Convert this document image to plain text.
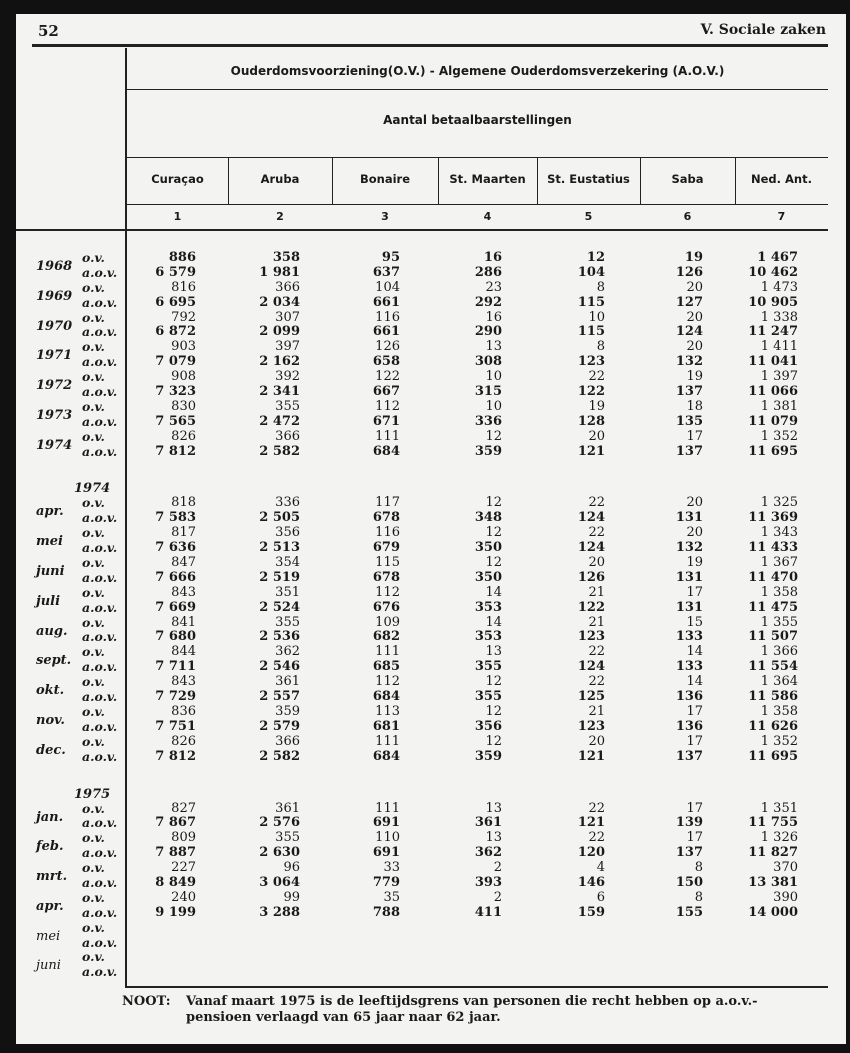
52	V. Sociale zaken
Ouderdomsvoorziening(O.V.) - Algemene Ouderdomsverzekering (A.O.V.)
Aantal betaalbaarstellingen
Curaçao
1
Aruba
2
Bonaire
3
St. Maarten
4
St. Eustatius
5
Saba
6
Ned. Ant.
7
1968
o.v.	886	358	95	16	12	19	1 467
a.o.v.	6 579	1 981	637	286	104	126	10 462
1969
o.v.	816	366	104	23	8	20	1 473
a.o.v.	6 695	2 034	661	292	115	127	10 905
1970
o.v.	792	307	116	16	10	20	1 338
a.o.v.	6 872	2 099	661	290	115	124	11 247
1971
o.v.	903	397	126	13	8	20	1 411
a.o.v.	7 079	2 162	658	308	123	132	11 041
1972
o.v.	908	392	122	10	22	19	1 397
a.o.v.	7 323	2 341	667	315	122	137	11 066
1973
o.v.	830	355	112	10	19	18	1 381
a.o.v.	7 565	2 472	671	336	128	135	11 079
1974
o.v.	826	366	111	12	20	17	1 352
a.o.v.	7 812	2 582	684	359	121	137	11 695
1974
apr.
o.v.	818	336	117	12	22	20	1 325
a.o.v.	7 583	2 505	678	348	124	131	11 369
mei
o.v.	817	356	116	12	22	20	1 343
a.o.v.	7 636	2 513	679	350	124	132	11 433
juni
o.v.	847	354	115	12	20	19	1 367
a.o.v.	7 666	2 519	678	350	126	131	11 470
juli
o.v.	843	351	112	14	21	17	1 358
a.o.v.	7 669	2 524	676	353	122	131	11 475
aug.
o.v.	841	355	109	14	21	15	1 355
a.o.v.	7 680	2 536	682	353	123	133	11 507
sept.
o.v.	844	362	111	13	22	14	1 366
a.o.v.	7 711	2 546	685	355	124	133	11 554
okt.
o.v.	843	361	112	12	22	14	1 364
a.o.v.	7 729	2 557	684	355	125	136	11 586
nov.
o.v.	836	359	113	12	21	17	1 358
a.o.v.	7 751	2 579	681	356	123	136	11 626
dec.
o.v.	826	366	111	12	20	17	1 352
a.o.v.	7 812	2 582	684	359	121	137	11 695
1975
jan.
o.v.	827	361	111	13	22	17	1 351
a.o.v.	7 867	2 576	691	361	121	139	11 755
feb.
o.v.	809	355	110	13	22	17	1 326
a.o.v.	7 887	2 630	691	362	120	137	11 827
mrt.
o.v.	227	96	33	2	4	8	370
a.o.v.	8 849	3 064	779	393	146	150	13 381
apr.
o.v.	240	99	35	2	6	8	390
a.o.v.	9 199	3 288	788	411	159	155	14 000
mei
o.v.
a.o.v.
juni
o.v.
a.o.v.
NOOT: Vanaf maart 1975 is de leeftijdsgrens van personen die recht hebben op a.o.v.-
pensioen verlaagd van 65 jaar naar 62 jaar.
